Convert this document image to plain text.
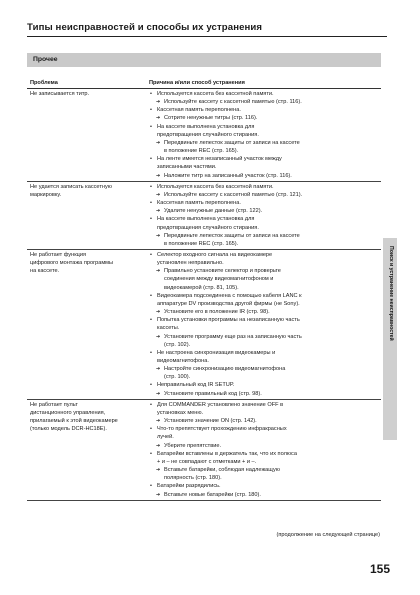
Типы неисправностей и способы их устранения
Прочее
Проблема	Причина и/или способ устранения
Не записывается титр.
•	Используется кассета без кассетной памяти.
➔ Используйте кассету с кассетной памятью (стр. 116).
• Кассетная память переполнена.
➔ Сотрите ненужные титры (стр. 116).
• На кассете выполнена установка для
предотвращения случайного стирания.
➔ Передвиньте лепесток защиты от записи на кассете
в положение REC (стр. 165).
• На ленте имеется незаписанный участок между
записанными частями.
➔ Наложите титр на записанный участок (стр. 116).
Не удается записать кассетную
маркировку.
• Используется кассета без кассетной памяти.
➔ Используйте кассету с кассетной памятью (стр. 121).
• Кассетная память переполнена.
➔ Удалите ненужные данные (стр. 122).
• На кассете выполнена установка для
предотвращения случайного стирания.
➔ Передвиньте лепесток защиты от записи на кассете
в положение REC (стр. 165).
Не работает функция
цифрового монтажа программы
на кассете.
• Селектор входного сигнала на видеокамере
установлен неправильно.
➔ Правильно установите селектор и проверьте
соединения между видеомагнитофоном и
видеокамерой (стр. 81, 105).
• Видеокамера подсоединена с помощью кабеля LANC к
аппаратуре DV производства другой фирмы (не Sony).
➔ Установите его в положение IR (стр. 98).
• Попытка установки программы на незаписанную часть
кассеты.
➔ Установите программу еще раз на записанную часть
(стр. 102).
• Не настроена синхронизация видеокамеры и
видеомагнитофона.
➔ Настройте синхронизацию видеомагнитофона
(стр. 100).
• Неправильный код IR SETUP.
➔ Установите правильный код (стр. 98).
Не работает пульт
дистанционного управления,
прилагаемый к этой видеокамере
(только модель DCR-HC18E).
• Для COMMANDER установлено значение OFF в
установках меню.
➔ Установите значение ON (стр. 142).
• Что-то препятствует прохождению инфракрасных
лучей.
➔ Уберите препятствие.
• Батарейки вставлены в держатель так, что их полюса
+ и – не совпадают с отметками + и –.
➔ Вставьте батарейки, соблюдая надлежащую
полярность (стр. 180).
• Батарейки разрядились.
➔ Вставьте новые батарейки (стр. 180).
(продолжение на следующей странице)
Поиск и устранение неисправностей
155
